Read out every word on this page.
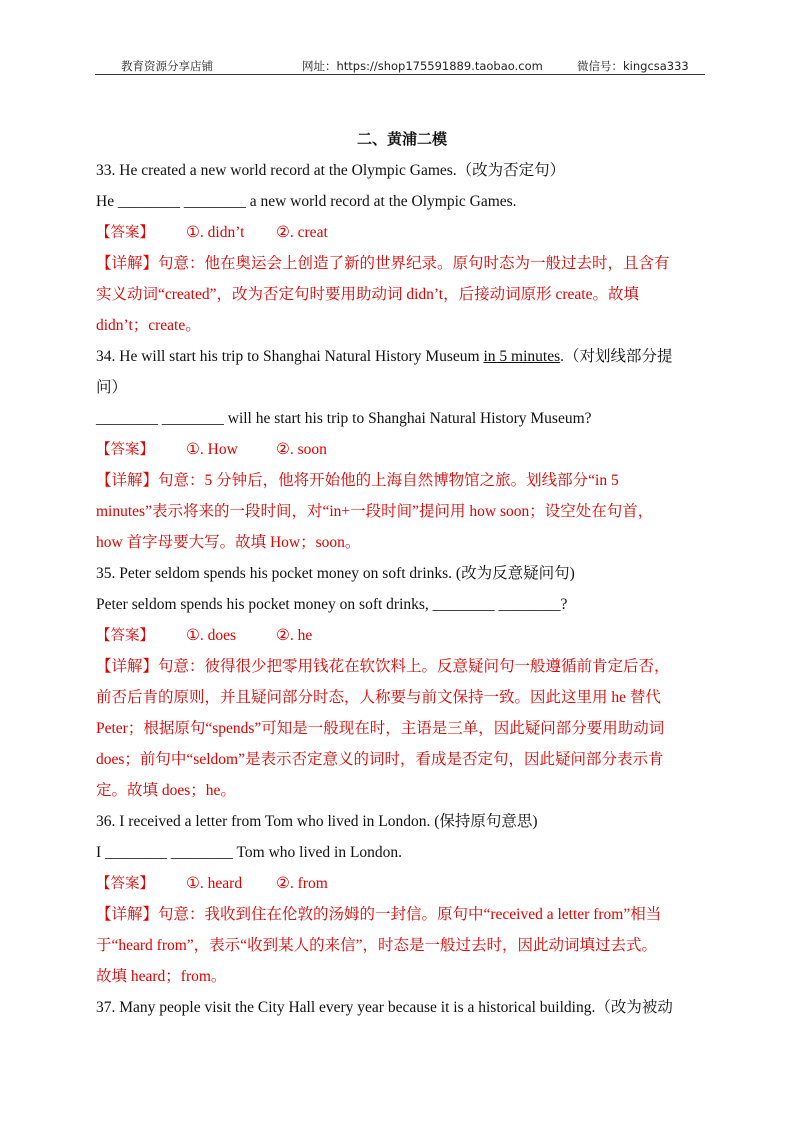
教育资源分享店铺	网址：https://shop175591889.taobao.com	微信号：kingcsa333
二、黄浦二模
33. He created a new world record at the Olympic Games.（改为否定句）
He ________ ________ a new world record at the Olympic Games.
【答案】 ①. didn’t ②. creat
【详解】句意：他在奥运会上创造了新的世界纪录。原句时态为一般过去时，且含有
实义动词“created”，改为否定句时要用助动词 didn’t，后接动词原形 create。故填
didn’t；create。
34. He will start his trip to Shanghai Natural History Museum in 5 minutes.（对划线部分提
问）
________ ________ will he start his trip to Shanghai Natural History Museum?
【答案】 ①. How ②. soon
【详解】句意：5 分钟后，他将开始他的上海自然博物馆之旅。划线部分“in 5
minutes”表示将来的一段时间，对“in+一段时间”提问用 how soon；设空处在句首，
how 首字母要大写。故填 How；soon。
35. Peter seldom spends his pocket money on soft drinks. (改为反意疑问句)
Peter seldom spends his pocket money on soft drinks, ________ ________?
【答案】 ①. does	②. he
【详解】句意：彼得很少把零用钱花在软饮料上。反意疑问句一般遵循前肯定后否，
前否后肯的原则，并且疑问部分时态，人称要与前文保持一致。因此这里用 he 替代
Peter；根据原句“spends”可知是一般现在时，主语是三单，因此疑问部分要用助动词
does；前句中“seldom”是表示否定意义的词时，看成是否定句，因此疑问部分表示肯
定。故填 does；he。
36. I received a letter from Tom who lived in London. (保持原句意思)
I ________ ________ Tom who lived in London.
【答案】 ①. heard ②. from
【详解】句意：我收到住在伦敦的汤姆的一封信。原句中“received a letter from”相当
于“heard from”，表示“收到某人的来信”，时态是一般过去时，因此动词填过去式。
故填 heard；from。
37. Many people visit the City Hall every year because it is a historical building.（改为被动
